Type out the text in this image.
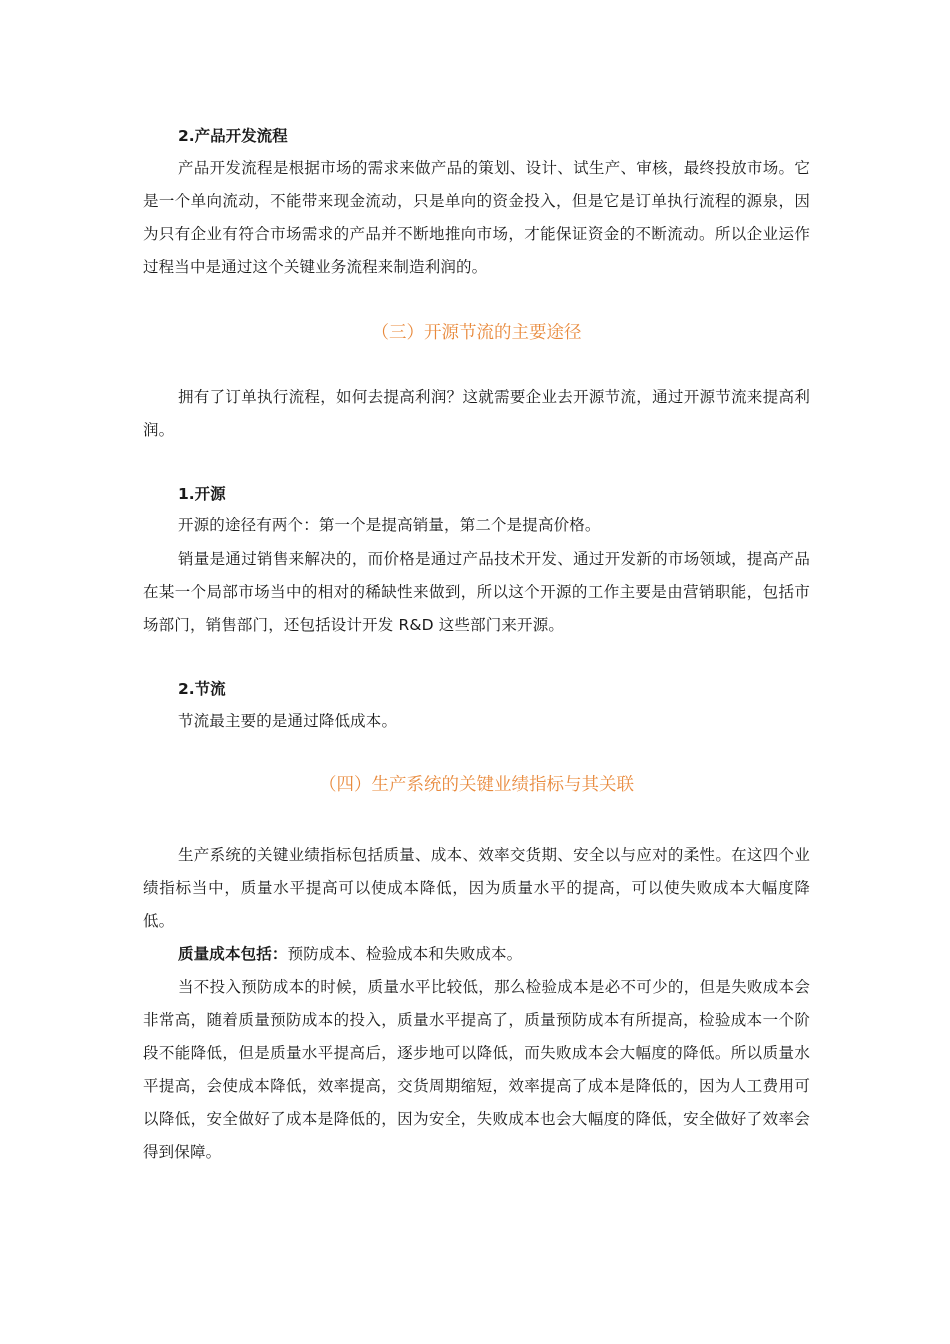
2.产品开发流程
产品开发流程是根据市场的需求来做产品的策划、设计、试生产、审核，最终投放市场。它是一个单向流动，不能带来现金流动，只是单向的资金投入，但是它是订单执行流程的源泉，因为只有企业有符合市场需求的产品并不断地推向市场，才能保证资金的不断流动。所以企业运作过程当中是通过这个关键业务流程来制造利润的。
（三）开源节流的主要途径
拥有了订单执行流程，如何去提高利润？这就需要企业去开源节流，通过开源节流来提高利润。
1.开源
开源的途径有两个：第一个是提高销量，第二个是提高价格。
销量是通过销售来解决的，而价格是通过产品技术开发、通过开发新的市场领域，提高产品在某一个局部市场当中的相对的稀缺性来做到，所以这个开源的工作主要是由营销职能，包括市场部门，销售部门，还包括设计开发 R&D 这些部门来开源。
2.节流
节流最主要的是通过降低成本。
（四）生产系统的关键业绩指标与其关联
生产系统的关键业绩指标包括质量、成本、效率交货期、安全以与应对的柔性。在这四个业绩指标当中，质量水平提高可以使成本降低，因为质量水平的提高，可以使失败成本大幅度降低。
质量成本包括：预防成本、检验成本和失败成本。
当不投入预防成本的时候，质量水平比较低，那么检验成本是必不可少的，但是失败成本会非常高，随着质量预防成本的投入，质量水平提高了，质量预防成本有所提高，检验成本一个阶段不能降低，但是质量水平提高后，逐步地可以降低，而失败成本会大幅度的降低。所以质量水平提高，会使成本降低，效率提高，交货周期缩短，效率提高了成本是降低的，因为人工费用可以降低，安全做好了成本是降低的，因为安全，失败成本也会大幅度的降低，安全做好了效率会得到保障。
